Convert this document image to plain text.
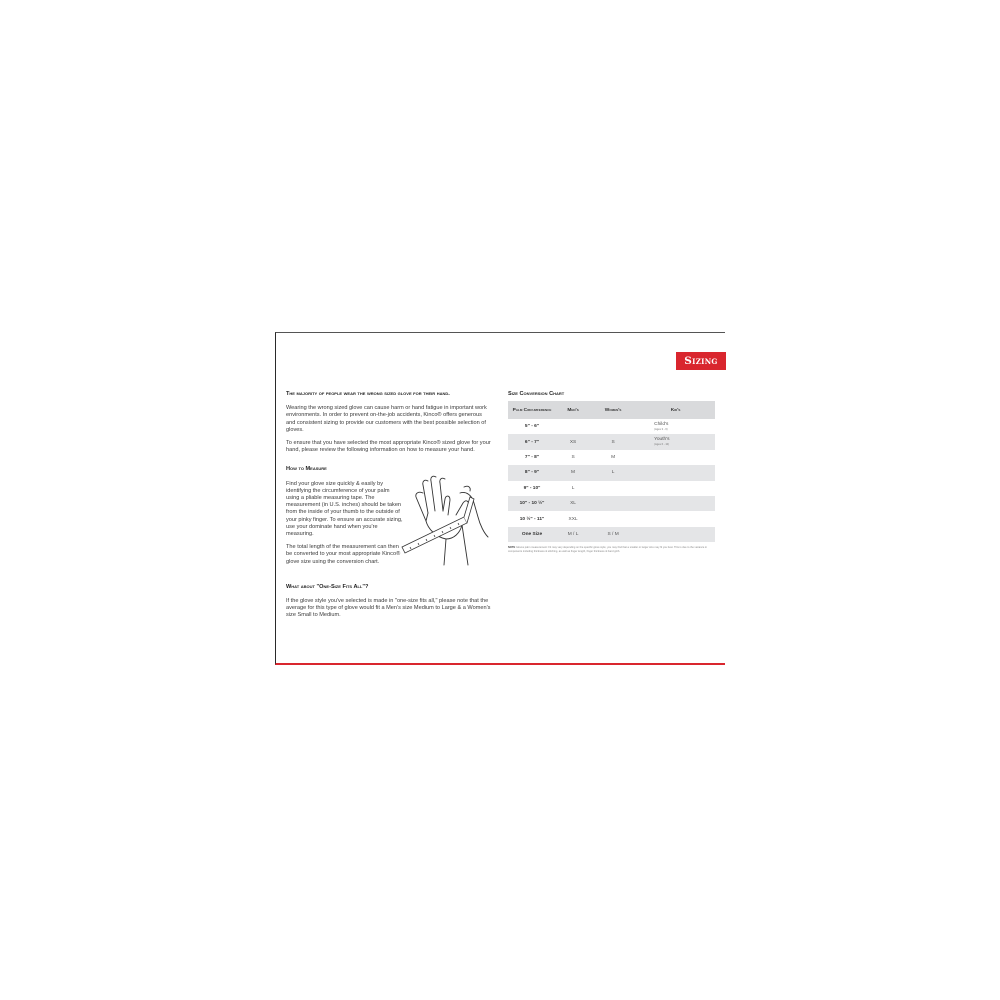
Sizing
The majority of people wear the wrong sized glove for their hand.

Wearing the wrong sized glove can cause harm or hand fatigue in important work environments. In order to prevent on-the-job accidents, Kinco® offers generous and consistent sizing to provide our customers with the best possible selection of gloves.

To ensure that you have selected the most appropriate Kinco® sized glove for your hand, please review the following information on how to measure your hand.

How to Measure

Find your glove size quickly & easily by identifying the circumference of your palm using a pliable measuring tape. The measurement (in U.S. inches) should be taken from the inside of your thumb to the outside of your pinky finger. To ensure an accurate sizing, use your dominate hand when you're measuring.

The total length of the measurement can then be converted to your most appropriate Kinco® glove size using the conversion chart.

What about "One-Size Fits All"?

If the glove style you've selected is made in "one-size fits all," please note that the average for this type of glove would fit a Men's size Medium to Large & a Women's size Small to Medium.

Size Conversion Chart
Palm Circumference	Men's	Women's	Kid's
5" - 6"			Child's
(Ages 3 - 6)

6" - 7"	XS	S	Youth's
(Ages 6 - 10)

7" - 8"	S	M	
8" - 9"	M	L	
9" - 10"	L		
10" - 10 ½"	XL		
10 ½" - 11"	XXL		
One Size	M / L	S / M	
NOTE Gloves palm measurement: Fit may vary depending on the specific glove style; you may find that a smaller or larger size may fit you best. This is due to the variance in components including thickness & stitching, as well as finger length, finger thickness & hand girth.
